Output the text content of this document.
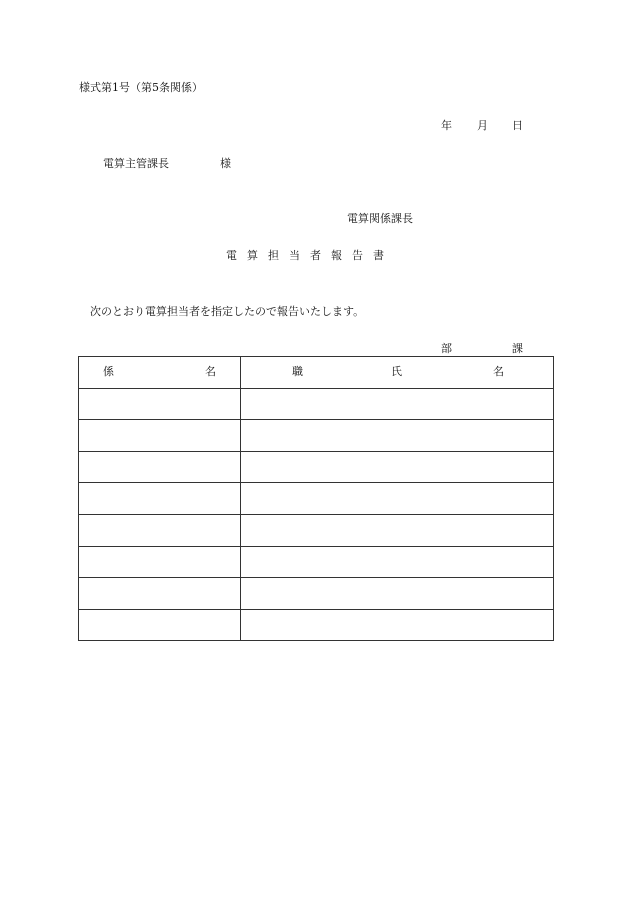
様式第1号（第5条関係）
年 月 日
電算主管課長	様
電算関係課長
電算担当者報告書
次のとおり電算担当者を指定したので報告いたします。
部	課
係 名	職 氏 名
